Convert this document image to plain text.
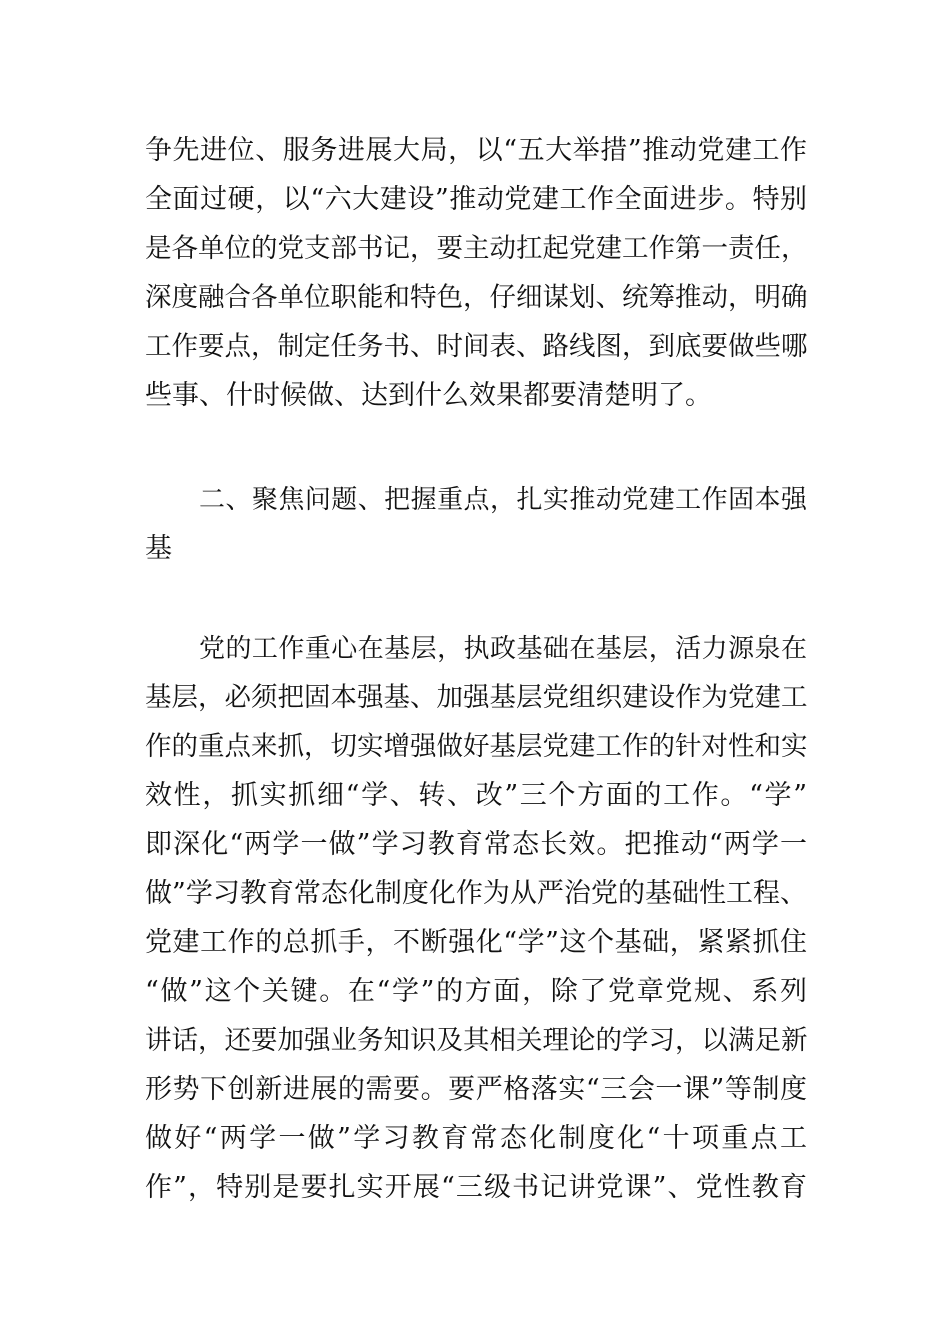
争先进位、服务进展大局，以“五大举措”推动党建工作
全面过硬，以“六大建设”推动党建工作全面进步。特别
是各单位的党支部书记，要主动扛起党建工作第一责任，
深度融合各单位职能和特色，仔细谋划、统筹推动，明确
工作要点，制定任务书、时间表、路线图，到底要做些哪
些事、什时候做、达到什么效果都要清楚明了。
二、聚焦问题、把握重点，扎实推动党建工作固本强
基
党的工作重心在基层，执政基础在基层，活力源泉在
基层，必须把固本强基、加强基层党组织建设作为党建工
作的重点来抓，切实增强做好基层党建工作的针对性和实
效性，抓实抓细“学、转、改”三个方面的工作。“学”
即深化“两学一做”学习教育常态长效。把推动“两学一
做”学习教育常态化制度化作为从严治党的基础性工程、
党建工作的总抓手，不断强化“学”这个基础，紧紧抓住
“做”这个关键。在“学”的方面，除了党章党规、系列
讲话，还要加强业务知识及其相关理论的学习，以满足新
形势下创新进展的需要。要严格落实“三会一课”等制度
做好“两学一做”学习教育常态化制度化“十项重点工
作”，特别是要扎实开展“三级书记讲党课”、党性教育
